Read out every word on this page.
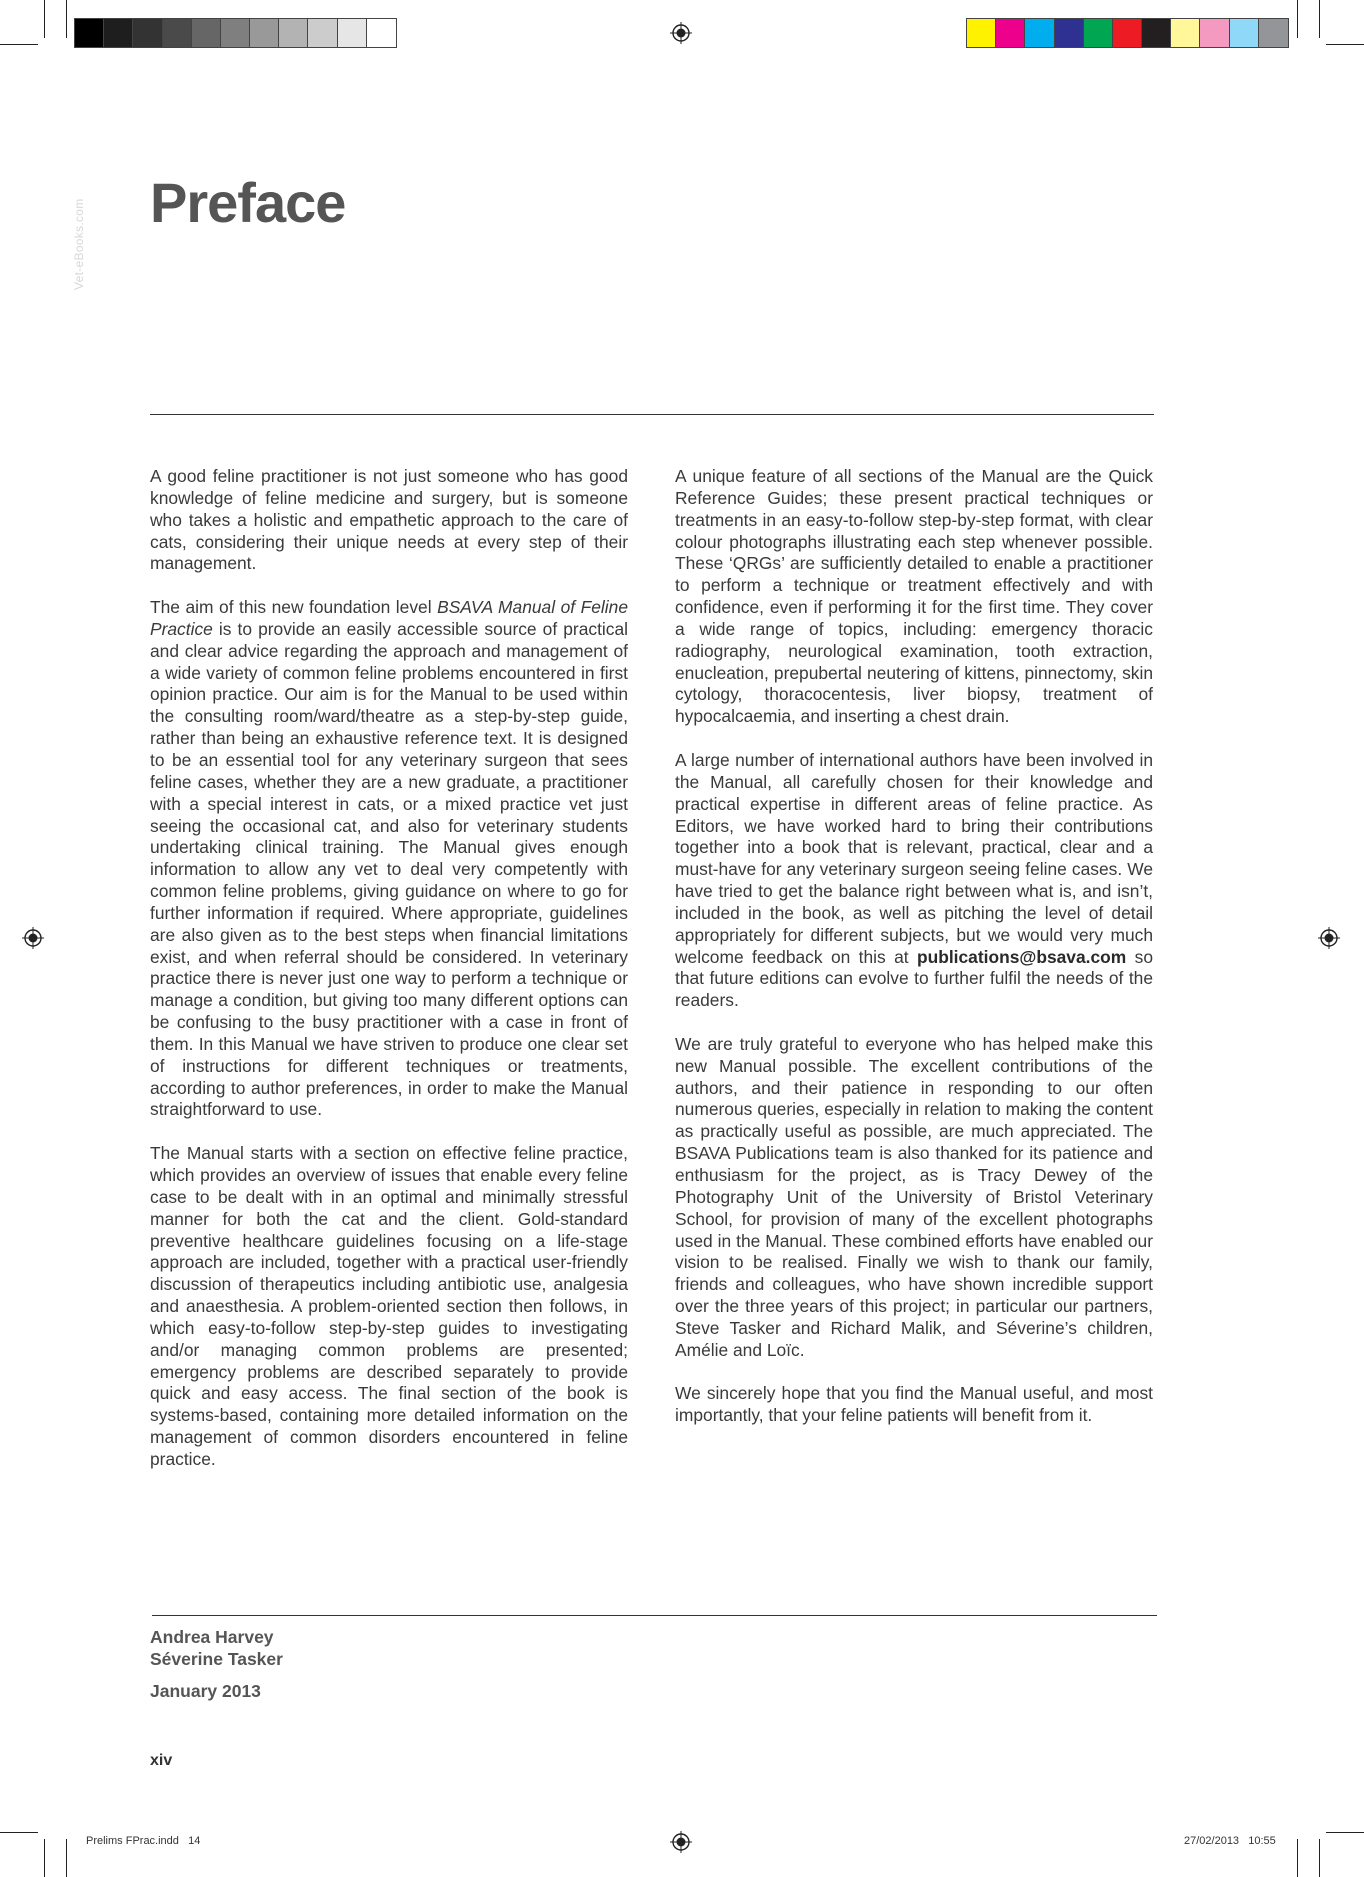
Vet-eBooks.com Preface

A good feline practitioner is not just someone who has good knowledge of feline medicine and surgery, but is someone who takes a holistic and empathetic approach to the care of cats, considering their unique needs at every step of their management.

The aim of this new foundation level BSAVA Manual of Feline Practice is to provide an easily accessible source of practical and clear advice regarding the approach and management of a wide variety of common feline problems encountered in first opinion practice. Our aim is for the Manual to be used within the consulting room/ward/theatre as a step-by-step guide, rather than being an exhaustive reference text. It is designed to be an essential tool for any veterinary surgeon that sees feline cases, whether they are a new graduate, a practitioner with a special interest in cats, or a mixed practice vet just seeing the occasional cat, and also for veterinary students undertaking clinical training. The Manual gives enough information to allow any vet to deal very competently with common feline problems, giving guidance on where to go for further information if required. Where appropriate, guidelines are also given as to the best steps when financial limitations exist, and when referral should be considered. In veterinary practice there is never just one way to perform a technique or manage a condition, but giving too many different options can be confusing to the busy practitioner with a case in front of them. In this Manual we have striven to produce one clear set of instructions for different techniques or treatments, according to author preferences, in order to make the Manual straightforward to use.

The Manual starts with a section on effective feline practice, which provides an overview of issues that enable every feline case to be dealt with in an optimal and minimally stressful manner for both the cat and the client. Gold-standard preventive healthcare guidelines focusing on a life-stage approach are included, together with a practical user-friendly discussion of therapeutics including antibiotic use, analgesia and anaesthesia. A problem-oriented section then follows, in which easy-to-follow step-by-step guides to investigating and/or managing common problems are presented; emergency problems are described separately to provide quick and easy access. The final section of the book is systems-based, containing more detailed information on the management of common disorders encountered in feline practice.

A unique feature of all sections of the Manual are the Quick Reference Guides; these present practical techniques or treatments in an easy-to-follow step-by-step format, with clear colour photographs illustrating each step whenever possible. These ‘QRGs’ are sufficiently detailed to enable a practitioner to perform a technique or treatment effectively and with confidence, even if performing it for the first time. They cover a wide range of topics, including: emergency thoracic radiography, neurological examination, tooth extraction, enucleation, prepubertal neutering of kittens, pinnectomy, skin cytology, thoracocentesis, liver biopsy, treatment of hypocalcaemia, and inserting a chest drain.

A large number of international authors have been involved in the Manual, all carefully chosen for their knowledge and practical expertise in different areas of feline practice. As Editors, we have worked hard to bring their contributions together into a book that is relevant, practical, clear and a must-have for any veterinary surgeon seeing feline cases. We have tried to get the balance right between what is, and isn’t, included in the book, as well as pitching the level of detail appropriately for different subjects, but we would very much welcome feedback on this at publications@bsava.com so that future editions can evolve to further fulfil the needs of the readers.

We are truly grateful to everyone who has helped make this new Manual possible. The excellent contributions of the authors, and their patience in responding to our often numerous queries, especially in relation to making the content as practically useful as possible, are much appreciated. The BSAVA Publications team is also thanked for its patience and enthusiasm for the project, as is Tracy Dewey of the Photography Unit of the University of Bristol Veterinary School, for provision of many of the excellent photographs used in the Manual. These combined efforts have enabled our vision to be realised. Finally we wish to thank our family, friends and colleagues, who have shown incredible support over the three years of this project; in particular our partners, Steve Tasker and Richard Malik, and Séverine’s children, Amélie and Loïc.

We sincerely hope that you find the Manual useful, and most importantly, that your feline patients will benefit from it.

Andrea Harvey
Séverine Tasker
January 2013
xiv
Prelims FPrac.indd   14	27/02/2013   10:55
